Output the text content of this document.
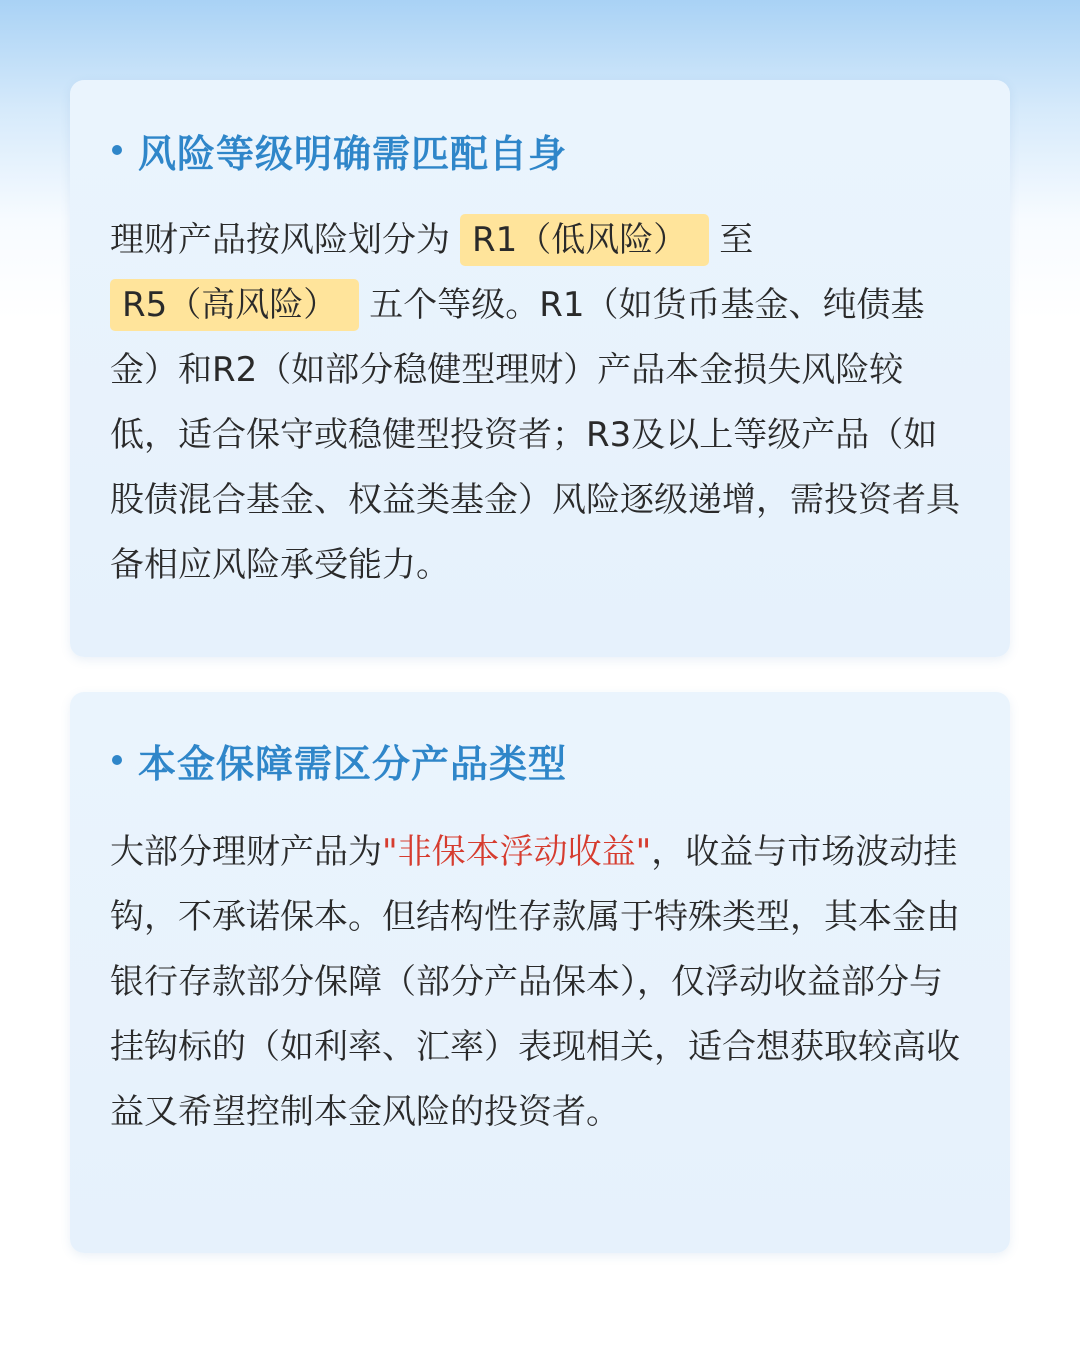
风险等级明确需匹配自身
理财产品按风险划分为 R1（低风险） 至
R5（高风险） 五个等级。R1（如货币基金、纯债基金）和R2（如部分稳健型理财）产品本金损失风险较低，适合保守或稳健型投资者；R3及以上等级产品（如股债混合基金、权益类基金）风险逐级递增，需投资者具备相应风险承受能力。
本金保障需区分产品类型
大部分理财产品为"非保本浮动收益"，收益与市场波动挂钩，不承诺保本。但结构性存款属于特殊类型，其本金由银行存款部分保障（部分产品保本），仅浮动收益部分与挂钩标的（如利率、汇率）表现相关，适合想获取较高收益又希望控制本金风险的投资者。
